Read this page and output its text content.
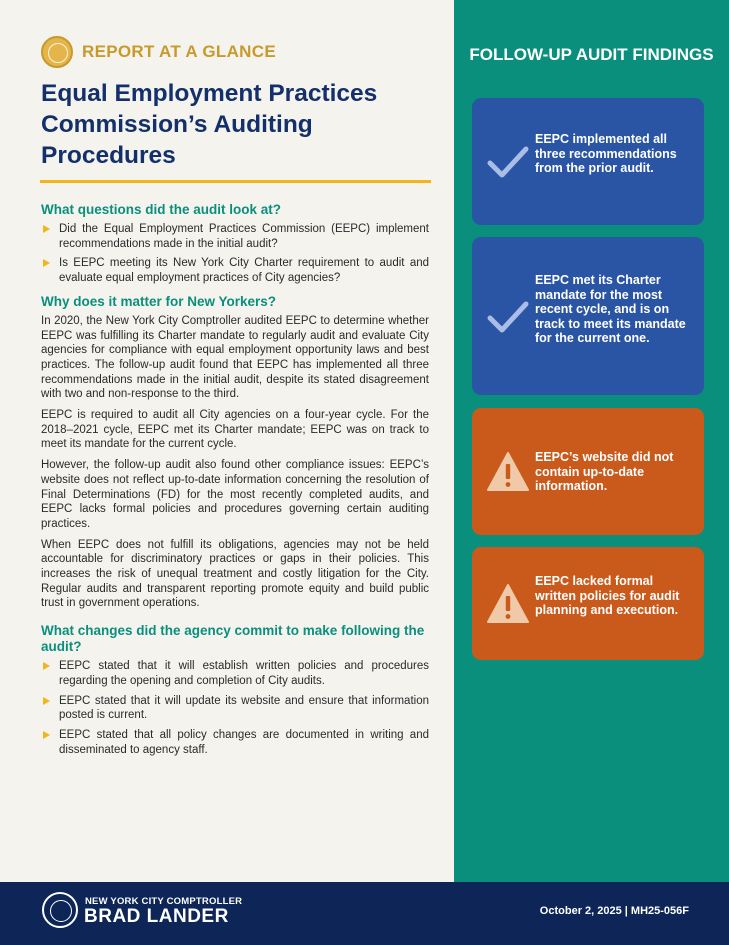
REPORT AT A GLANCE
Equal Employment Practices Commission’s Auditing Procedures
What questions did the audit look at?
Did the Equal Employment Practices Commission (EEPC) implement recommendations made in the initial audit?
Is EEPC meeting its New York City Charter requirement to audit and evaluate equal employment practices of City agencies?
Why does it matter for New Yorkers?
In 2020, the New York City Comptroller audited EEPC to determine whether EEPC was fulfilling its Charter mandate to regularly audit and evaluate City agencies for compliance with equal employment opportunity laws and best practices. The follow-up audit found that EEPC has implemented all three recommendations made in the initial audit, despite its stated disagreement with two and non-response to the third.
EEPC is required to audit all City agencies on a four-year cycle. For the 2018–2021 cycle, EEPC met its Charter mandate; EEPC was on track to meet its mandate for the current cycle.
However, the follow-up audit also found other compliance issues: EEPC’s website does not reflect up-to-date information concerning the resolution of Final Determinations (FD) for the most recently completed audits, and EEPC lacks formal policies and procedures governing certain auditing practices.
When EEPC does not fulfill its obligations, agencies may not be held accountable for discriminatory practices or gaps in their policies. This increases the risk of unequal treatment and costly litigation for the City. Regular audits and transparent reporting promote equity and build public trust in government operations.
What changes did the agency commit to make following the audit?
EEPC stated that it will establish written policies and procedures regarding the opening and completion of City audits.
EEPC stated that it will update its website and ensure that information posted is current.
EEPC stated that all policy changes are documented in writing and disseminated to agency staff.
FOLLOW-UP AUDIT FINDINGS
EEPC implemented all three recommendations from the prior audit.
EEPC met its Charter mandate for the most recent cycle, and is on track to meet its mandate for the current one.
EEPC’s website did not contain up-to-date information.
EEPC lacked formal written policies for audit planning and execution.
NEW YORK CITY COMPTROLLER
BRAD LANDER	October 2, 2025 | MH25-056F
